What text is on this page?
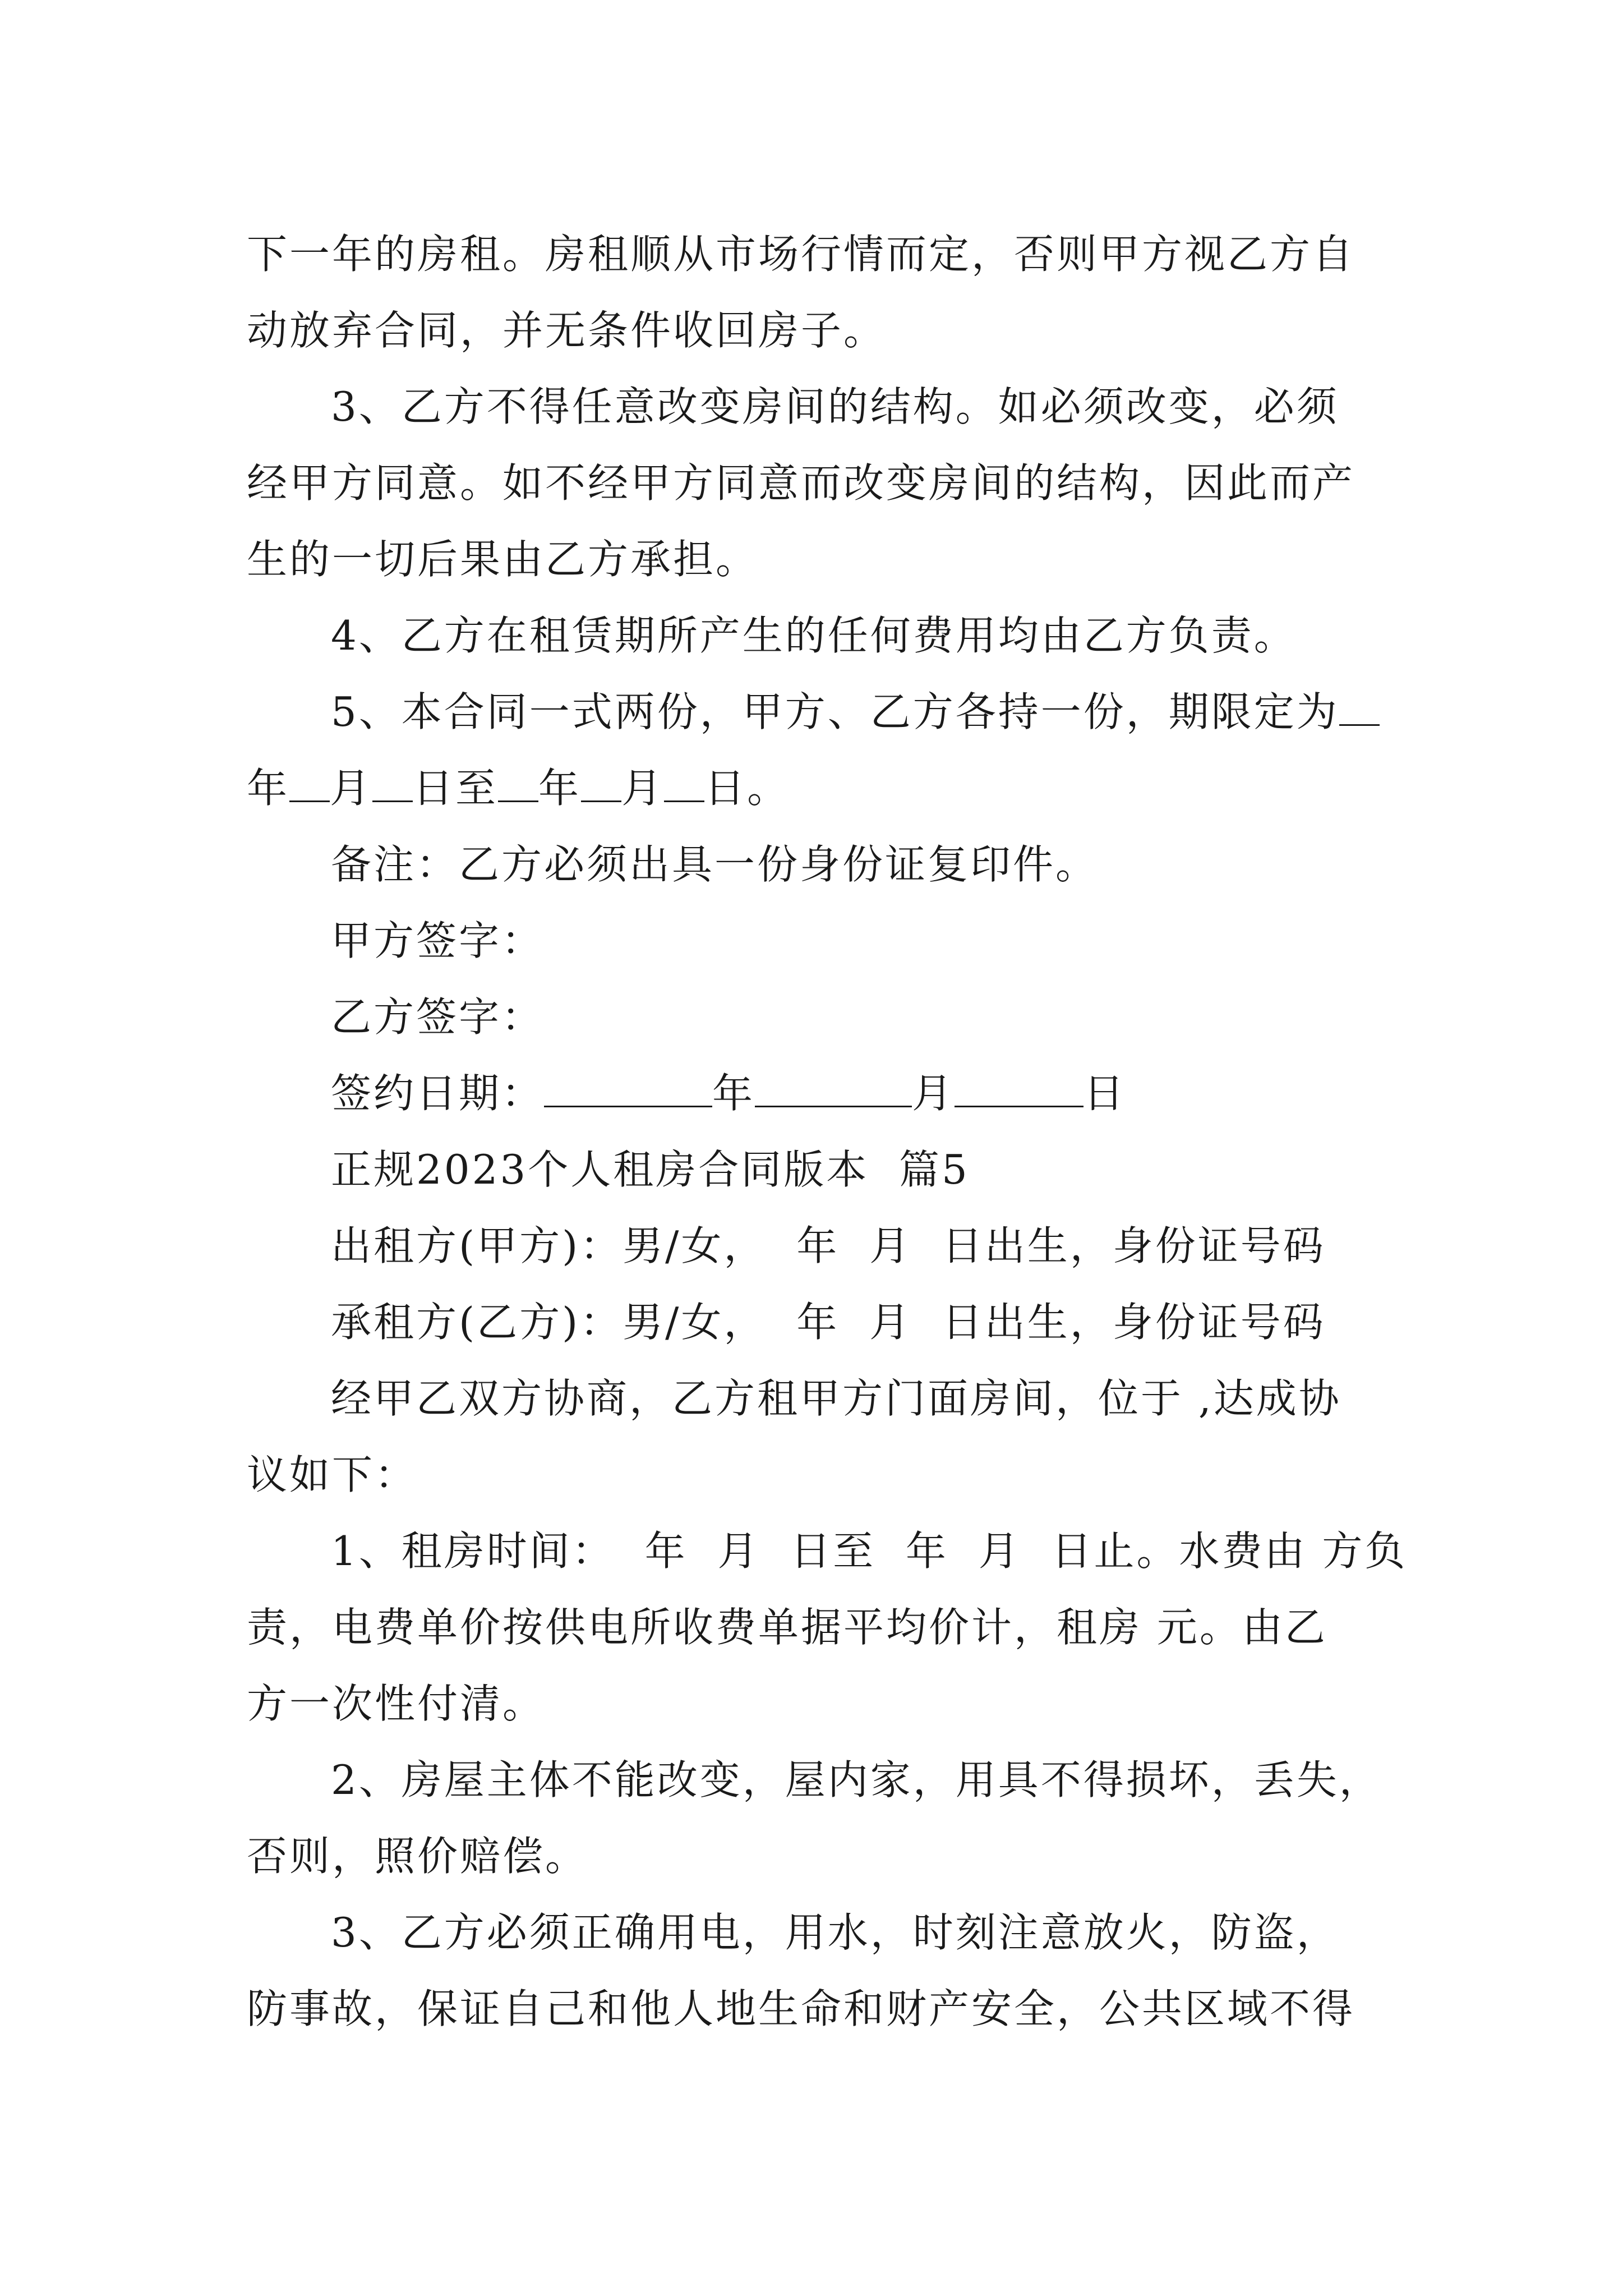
下一年的房租。房租顺从市场行情而定，否则甲方视乙方自
动放弃合同，并无条件收回房子。
3、乙方不得任意改变房间的结构。如必须改变，必须
经甲方同意。如不经甲方同意而改变房间的结构，因此而产
生的一切后果由乙方承担。
4、乙方在租赁期所产生的任何费用均由乙方负责。
5、本合同一式两份，甲方、乙方各持一份，期限定为
年 月 日至 年 月 日。
备注：乙方必须出具一份身份证复印件。
甲方签字：
乙方签字：
签约日期：	年	月	日
正规2023个人租房合同版本  篇5
出租方(甲方)：男/女，  年  月  日出生，身份证号码
承租方(乙方)：男/女，  年  月  日出生，身份证号码
经甲乙双方协商，乙方租甲方门面房间，位于 ,达成协
议如下：
1、租房时间：  年  月  日至  年  月  日止。水费由 方负
责，电费单价按供电所收费单据平均价计，租房 元。由乙
方一次性付清。
2、房屋主体不能改变，屋内家，用具不得损坏，丢失，
否则，照价赔偿。
3、乙方必须正确用电，用水，时刻注意放火，防盗，
防事故，保证自己和他人地生命和财产安全，公共区域不得
